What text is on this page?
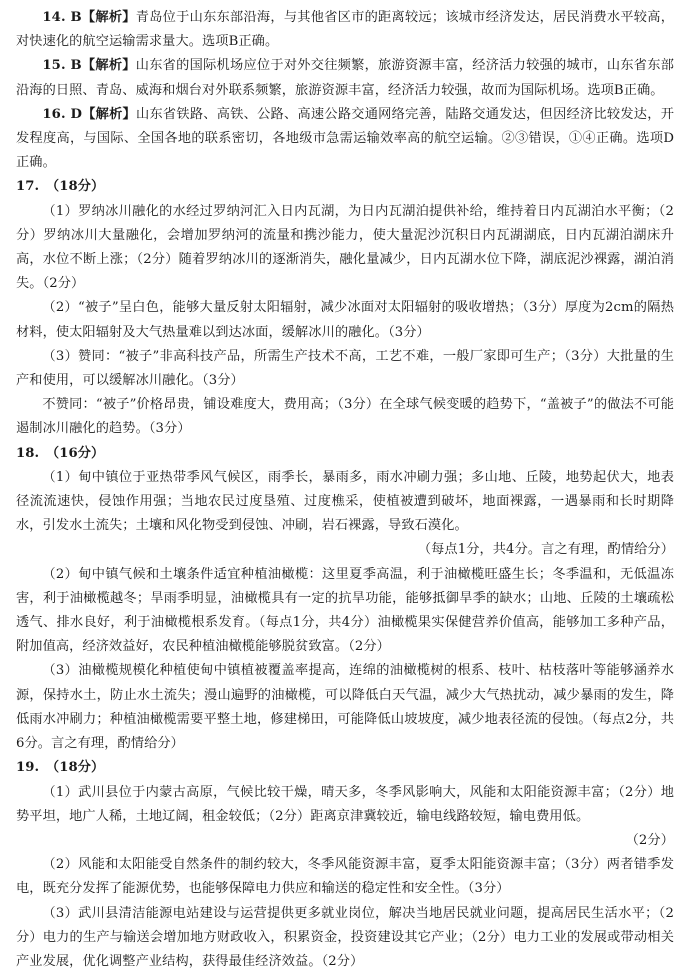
14. B【解析】青岛位于山东东部沿海，与其他省区市的距离较远；该城市经济发达，居民消费水平较高，对快速化的航空运输需求量大。选项B正确。

15. B【解析】山东省的国际机场应位于对外交往频繁，旅游资源丰富，经济活力较强的城市，山东省东部沿海的日照、青岛、威海和烟台对外联系频繁，旅游资源丰富，经济活力较强，故而为国际机场。选项B正确。

16. D【解析】山东省铁路、高铁、公路、高速公路交通网络完善，陆路交通发达，但因经济比较发达，开发程度高，与国际、全国各地的联系密切，各地级市急需运输效率高的航空运输。②③错误，①④正确。选项D正确。

17.　（18分）

（1）罗纳冰川融化的水经过罗纳河汇入日内瓦湖，为日内瓦湖泊提供补给，维持着日内瓦湖泊水平衡；（2分）罗纳冰川大量融化，会增加罗纳河的流量和携沙能力，使大量泥沙沉积日内瓦湖湖底，日内瓦湖泊湖床升高，水位不断上涨；（2分）随着罗纳冰川的逐渐消失，融化量减少，日内瓦湖水位下降，湖底泥沙裸露，湖泊消失。（2分）

（2）“被子”呈白色，能够大量反射太阳辐射，减少冰面对太阳辐射的吸收增热；（3分）厚度为2cm的隔热材料，使太阳辐射及大气热量难以到达冰面，缓解冰川的融化。（3分）

（3）赞同：“被子”非高科技产品，所需生产技术不高，工艺不难，一般厂家即可生产；（3分）大批量的生产和使用，可以缓解冰川融化。（3分）

不赞同：“被子”价格昂贵，铺设难度大，费用高；（3分）在全球气候变暖的趋势下，“盖被子”的做法不可能遏制冰川融化的趋势。（3分）

18.　（16分）

（1）甸中镇位于亚热带季风气候区，雨季长，暴雨多，雨水冲刷力强；多山地、丘陵，地势起伏大，地表径流流速快，侵蚀作用强；当地农民过度垦殖、过度樵采，使植被遭到破坏，地面裸露，一遇暴雨和长时期降水，引发水土流失；土壤和风化物受到侵蚀、冲刷，岩石裸露，导致石漠化。

（每点1分，共4分。言之有理，酌情给分）

（2）甸中镇气候和土壤条件适宜种植油橄榄：这里夏季高温，利于油橄榄旺盛生长；冬季温和，无低温冻害，利于油橄榄越冬；旱雨季明显，油橄榄具有一定的抗旱功能，能够抵御旱季的缺水；山地、丘陵的土壤疏松透气、排水良好，利于油橄榄根系发育。（每点1分，共4分）油橄榄果实保健营养价值高，能够加工多种产品，附加值高，经济效益好，农民种植油橄榄能够脱贫致富。（2分）

（3）油橄榄规模化种植使甸中镇植被覆盖率提高，连绵的油橄榄树的根系、枝叶、枯枝落叶等能够涵养水源，保持水土，防止水土流失；漫山遍野的油橄榄，可以降低白天气温，减少大气热扰动，减少暴雨的发生，降低雨水冲刷力；种植油橄榄需要平整土地，修建梯田，可能降低山坡坡度，减少地表径流的侵蚀。（每点2分，共6分。言之有理，酌情给分）

19.　（18分）

（1）武川县位于内蒙古高原，气候比较干燥，晴天多，冬季风影响大，风能和太阳能资源丰富；（2分）地势平坦，地广人稀，土地辽阔，租金较低；（2分）距离京津冀较近，输电线路较短，输电费用低。

（2分）

（2）风能和太阳能受自然条件的制约较大，冬季风能资源丰富，夏季太阳能资源丰富；（3分）两者错季发电，既充分发挥了能源优势，也能够保障电力供应和输送的稳定性和安全性。（3分）

（3）武川县清洁能源电站建设与运营提供更多就业岗位，解决当地居民就业问题，提高居民生活水平；（2分）电力的生产与输送会增加地方财政收入，积累资金，投资建设其它产业；（2分）电力工业的发展或带动相关产业发展，优化调整产业结构，获得最佳经济效益。（2分）
